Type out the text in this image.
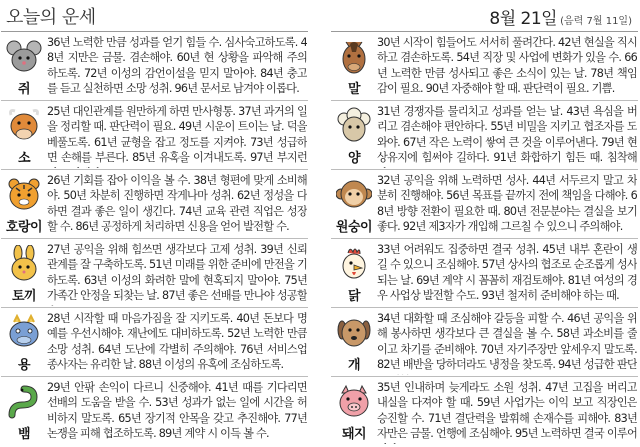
오늘의 운세	8월 21일 (음력 7월 11일)
쥐
36년 노력한 만큼 성과를 얻기 힘들 수. 심사숙고하도록. 48년 지만은 금물. 겸손해야. 60년 현 상황을 파악해 주의 하도록. 72년 이성의 감언이설을 믿지 말아야. 84년 충고를 듣고 실천하면 소망 성취. 96년 문서로 남겨야 이롭다.
소
25년 대인관계를 원만하게 하면 만사형통. 37년 과거의 일을 정리할 때. 판단력이 필요. 49년 시운이 트이는 날. 덕을 베풀도록. 61년 균형을 잡고 정도를 지켜야. 73년 성급하면 손해를 부른다. 85년 유혹을 이겨내도록. 97년 부지런
호랑이
26년 기회를 잡아 이익을 볼 수. 38년 형편에 맞게 소비해야. 50년 차분히 진행하면 작게나마 성취. 62년 정성을 다하면 결과 좋은 일이 생긴다. 74년 교육 관련 직업은 성장할 수. 86년 공정하게 처리하면 신용을 얻어 발전할 수.
토끼
27년 공익을 위해 힘쓰면 생각보다 고제 성취. 39년 신뢰관계를 잘 구축하도록. 51년 미래를 위한 준비에 만전을 기하도록. 63년 이성의 화려한 말에 현혹되지 말아야. 75년 가족간 안정을 되찾는 날. 87년 좋은 선배를 만나야 성공할
용
28년 시작할 때 마음가짐을 잘 지키도록. 40년 돈보다 명예를 우선시해야. 재난에도 대비하도록. 52년 노력한 만큼 소망 성취. 64년 도난에 각별히 주의해야. 76년 서비스업 종사자는 유리한 날. 88년 이성의 유혹에 조심하도록.
뱀
29년 안팎 손익이 다르니 신중해야. 41년 때를 기다리면 선배의 도움을 받을 수. 53년 성과가 없는 일에 시간을 허비하지 말도록. 65년 장기적 안목을 갖고 추진해야. 77년 논쟁을 피해 협조하도록. 89년 계약 시 이득 볼 수.
말
30년 시작이 힘들어도 서서히 풀려간다. 42년 현실을 직시하고 겸손하도록. 54년 직장 및 사업에 변화가 있을 수. 66년 노력한 만큼 성사되고 좋은 소식이 있는 날. 78년 책임감이 필요. 90년 자중해야 할 때. 판단력이 필요. 기쁨.
양
31년 경쟁자를 물리치고 성과를 얻는 날. 43년 욕심을 버리고 겸손해야 편안하다. 55년 비밀을 지키고 협조자를 도와야. 67년 작은 노력이 쌓여 큰 것을 이루어낸다. 79년 현상유지에 힘써야 길하다. 91년 화합하기 힘든 때. 침착해
원숭이
32년 공익을 위해 노력하면 성사. 44년 서두르지 말고 차분히 진행해야. 56년 목표를 끝까지 전에 책임을 다해야. 68년 방향 전환이 필요한 때. 80년 전문분야는 결실을 보기 좋다. 92년 제3자가 개입해 그르칠 수 있으니 주의해야.
닭
33년 어려워도 집중하면 결국 성취. 45년 내부 혼란이 생길 수 있으니 조심해야. 57년 상사의 협조로 순조롭게 성사되는 날. 69년 계약 시 꼼꼼히 재검토해야. 81년 여성의 경우 사업상 발전할 수도. 93년 철저히 준비해야 하는 때.
개
34년 대화할 때 조심해야 갈등을 피할 수. 46년 공익을 위해 봉사하면 생각보다 큰 결실을 볼 수. 58년 과소비를 줄이고 차기를 준비해야. 70년 자기주장만 앞세우지 말도록. 82년 배반을 당하더라도 냉정을 찾도록. 94년 성급한 판단
돼지
35년 인내하며 늦게라도 소원 성취. 47년 고집을 버리고 내실을 다져야 할 때. 59년 사업가는 이익 보고 직장인은 승진할 수. 71년 결단력을 발휘해 손재수를 피해야. 83년 자만은 금물. 언행에 조심해야. 95년 노력하면 결국 이루어
